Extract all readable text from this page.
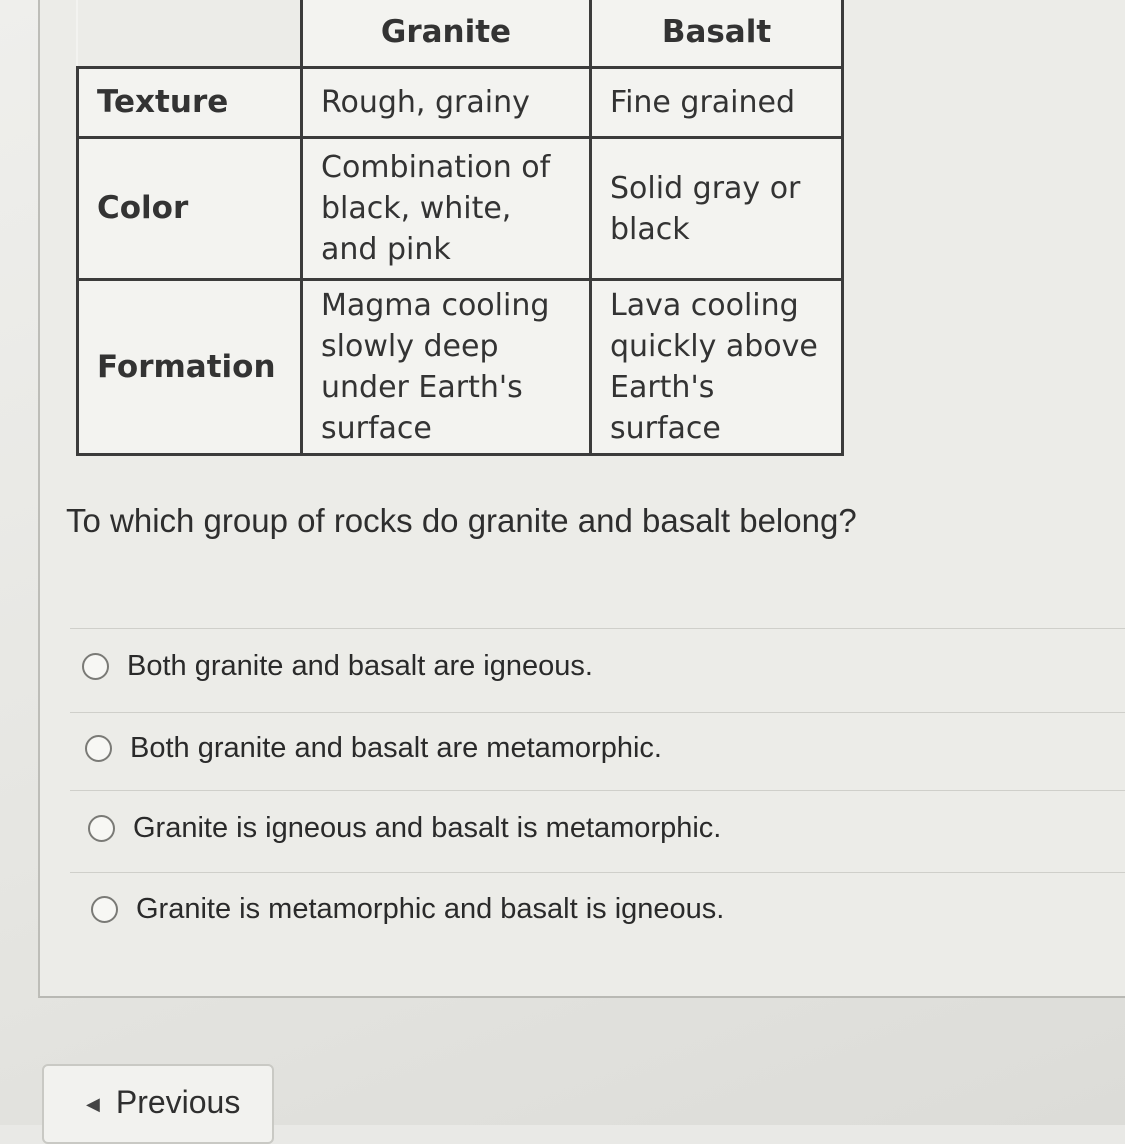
	Granite	Basalt
Texture	Rough, grainy	Fine grained
Color	Combination of black, white, and pink	Solid gray or black
Formation	Magma cooling slowly deep under Earth's surface	Lava cooling quickly above Earth's surface
To which group of rocks do granite and basalt belong?
Both granite and basalt are igneous.
Both granite and basalt are metamorphic.
Granite is igneous and basalt is metamorphic.
Granite is metamorphic and basalt is igneous.
◀ Previous
